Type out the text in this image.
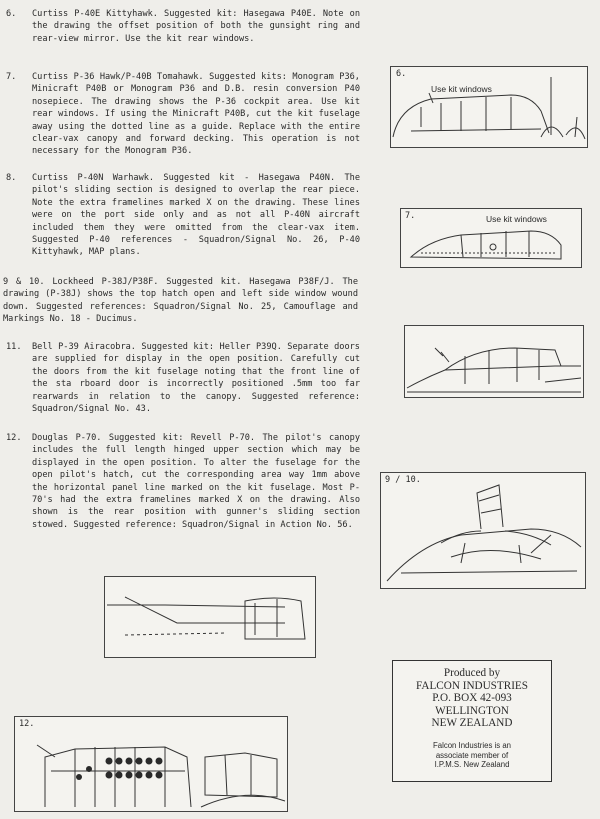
6. Curtiss P-40E Kittyhawk. Suggested kit: Hasegawa P40E. Note on the drawing the offset position of both the gunsight ring and rear-view mirror. Use the kit rear windows.
7. Curtiss P-36 Hawk/P-40B Tomahawk. Suggested kits: Monogram P36, Minicraft P40B or Monogram P36 and D.B. resin conversion P40 nosepiece. The drawing shows the P-36 cockpit area. Use kit rear windows. If using the Minicraft P40B, cut the kit fuselage away using the dotted line as a guide. Replace with the entire clear-vax canopy and forward decking. This operation is not necessary for the Monogram P36.
8. Curtiss P-40N Warhawk. Suggested kit - Hasegawa P40N. The pilot's sliding section is designed to overlap the rear piece. Note the extra framelines marked X on the drawing. These lines were on the port side only and as not all P-40N aircraft included them they were omitted from the clear-vax item. Suggested P-40 references - Squadron/Signal No. 26, P-40 Kittyhawk, MAP plans.
9 & 10. Lockheed P-38J/P38F. Suggested kit. Hasegawa P38F/J. The drawing (P-38J) shows the top hatch open and left side window wound down. Suggested references: Squadron/Signal No. 25, Camouflage and Markings No. 18 - Ducimus.
11. Bell P-39 Airacobra. Suggested kit: Heller P39Q. Separate doors are supplied for display in the open position. Carefully cut the doors from the kit fuselage noting that the front line of the sta rboard door is incorrectly positioned .5mm too far rearwards in relation to the canopy. Suggested reference: Squadron/Signal No. 43.
12. Douglas P-70. Suggested kit: Revell P-70. The pilot's canopy includes the full length hinged upper section which may be displayed in the open position. To alter the fuselage for the open pilot's hatch, cut the corresponding area way 1mm above the horizontal panel line marked on the kit fuselage. Most P-70's had the extra framelines marked X on the drawing. Also shown is the rear position with gunner's sliding section stowed. Suggested reference: Squadron/Signal in Action No. 56.
6.
Use kit windows
7.	Use kit windows
9 / 10.
12.
Produced by
FALCON INDUSTRIES
P.O. BOX 42-093
WELLINGTON
NEW ZEALAND
Falcon Industries is an
associate member of
I.P.M.S. New Zealand
